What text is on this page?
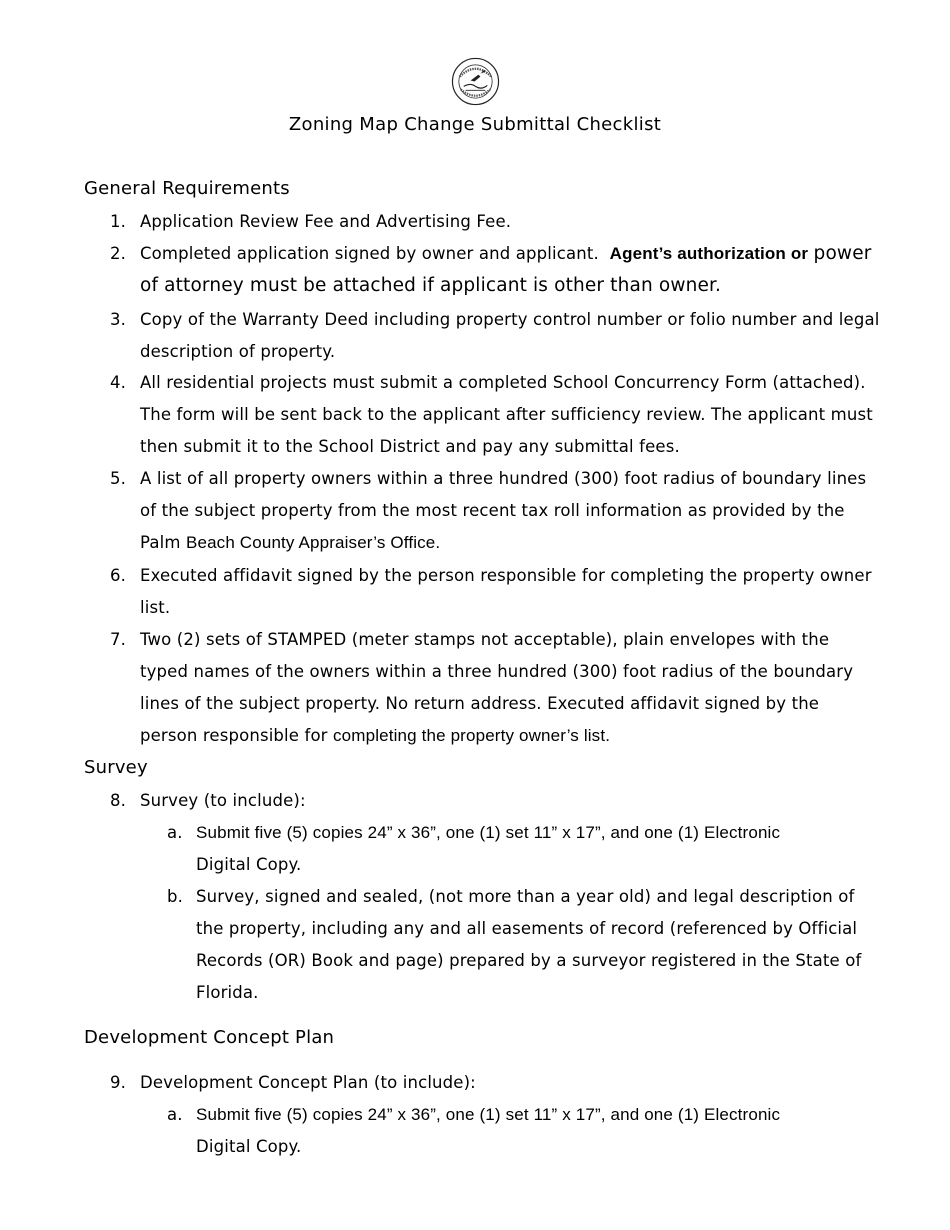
Zoning Map Change Submittal Checklist
General Requirements
1. Application Review Fee and Advertising Fee.
2. Completed application signed by owner and applicant. Agent’s authorization or power of attorney must be attached if applicant is other than owner.
3. Copy of the Warranty Deed including property control number or folio number and legal description of property.
4. All residential projects must submit a completed School Concurrency Form (attached). The form will be sent back to the applicant after sufficiency review. The applicant must then submit it to the School District and pay any submittal fees.
5. A list of all property owners within a three hundred (300) foot radius of boundary lines of the subject property from the most recent tax roll information as provided by the Palm Beach County Appraiser’s Office.
6. Executed affidavit signed by the person responsible for completing the property owner list.
7. Two (2) sets of STAMPED (meter stamps not acceptable), plain envelopes with the typed names of the owners within a three hundred (300) foot radius of the boundary lines of the subject property. No return address. Executed affidavit signed by the person responsible for completing the property owner’s list.
Survey
8. Survey (to include):
a. Submit five (5) copies 24” x 36”, one (1) set 11” x 17”, and one (1) Electronic
Digital Copy.
b. Survey, signed and sealed, (not more than a year old) and legal description of the property, including any and all easements of record (referenced by Official Records (OR) Book and page) prepared by a surveyor registered in the State of Florida.
Development Concept Plan
9. Development Concept Plan (to include):
a. Submit five (5) copies 24” x 36”, one (1) set 11” x 17”, and one (1) Electronic
Digital Copy.
